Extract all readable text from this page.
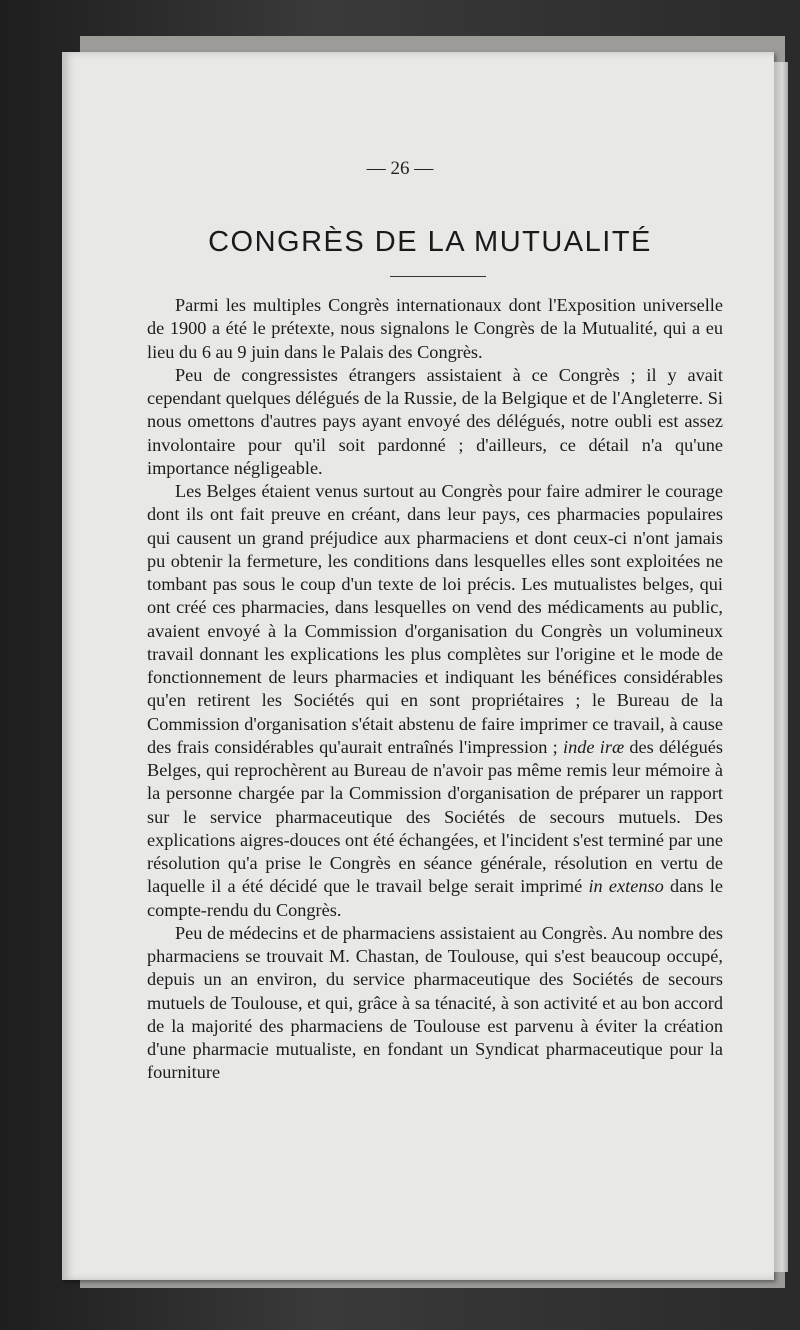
— 26 —
CONGRÈS DE LA MUTUALITÉ

Parmi les multiples Congrès internationaux dont l'Exposition universelle de 1900 a été le prétexte, nous signalons le Congrès de la Mutualité, qui a eu lieu du 6 au 9 juin dans le Palais des Congrès.

Peu de congressistes étrangers assistaient à ce Congrès ; il y avait cependant quelques délégués de la Russie, de la Belgique et de l'Angleterre. Si nous omettons d'autres pays ayant envoyé des délégués, notre oubli est assez involontaire pour qu'il soit pardonné ; d'ailleurs, ce détail n'a qu'une importance négligeable.

Les Belges étaient venus surtout au Congrès pour faire admirer le courage dont ils ont fait preuve en créant, dans leur pays, ces pharmacies populaires qui causent un grand préjudice aux pharmaciens et dont ceux-ci n'ont jamais pu obtenir la fermeture, les conditions dans lesquelles elles sont exploitées ne tombant pas sous le coup d'un texte de loi précis. Les mutualistes belges, qui ont créé ces pharmacies, dans lesquelles on vend des médicaments au public, avaient envoyé à la Commission d'organisation du Congrès un volumineux travail donnant les explications les plus complètes sur l'origine et le mode de fonctionnement de leurs pharmacies et indiquant les bénéfices considérables qu'en retirent les Sociétés qui en sont propriétaires ; le Bureau de la Commission d'organisation s'était abstenu de faire imprimer ce travail, à cause des frais considérables qu'aurait entraînés l'impression ; inde iræ des délégués Belges, qui reprochèrent au Bureau de n'avoir pas même remis leur mémoire à la personne chargée par la Commission d'organisation de préparer un rapport sur le service pharmaceutique des Sociétés de secours mutuels. Des explications aigres-douces ont été échangées, et l'incident s'est terminé par une résolution qu'a prise le Congrès en séance générale, résolution en vertu de laquelle il a été décidé que le travail belge serait imprimé in extenso dans le compte-rendu du Congrès.

Peu de médecins et de pharmaciens assistaient au Congrès. Au nombre des pharmaciens se trouvait M. Chastan, de Toulouse, qui s'est beaucoup occupé, depuis un an environ, du service pharmaceutique des Sociétés de secours mutuels de Toulouse, et qui, grâce à sa ténacité, à son activité et au bon accord de la majorité des pharmaciens de Toulouse est parvenu à éviter la création d'une pharmacie mutualiste, en fondant un Syndicat pharmaceutique pour la fourniture
